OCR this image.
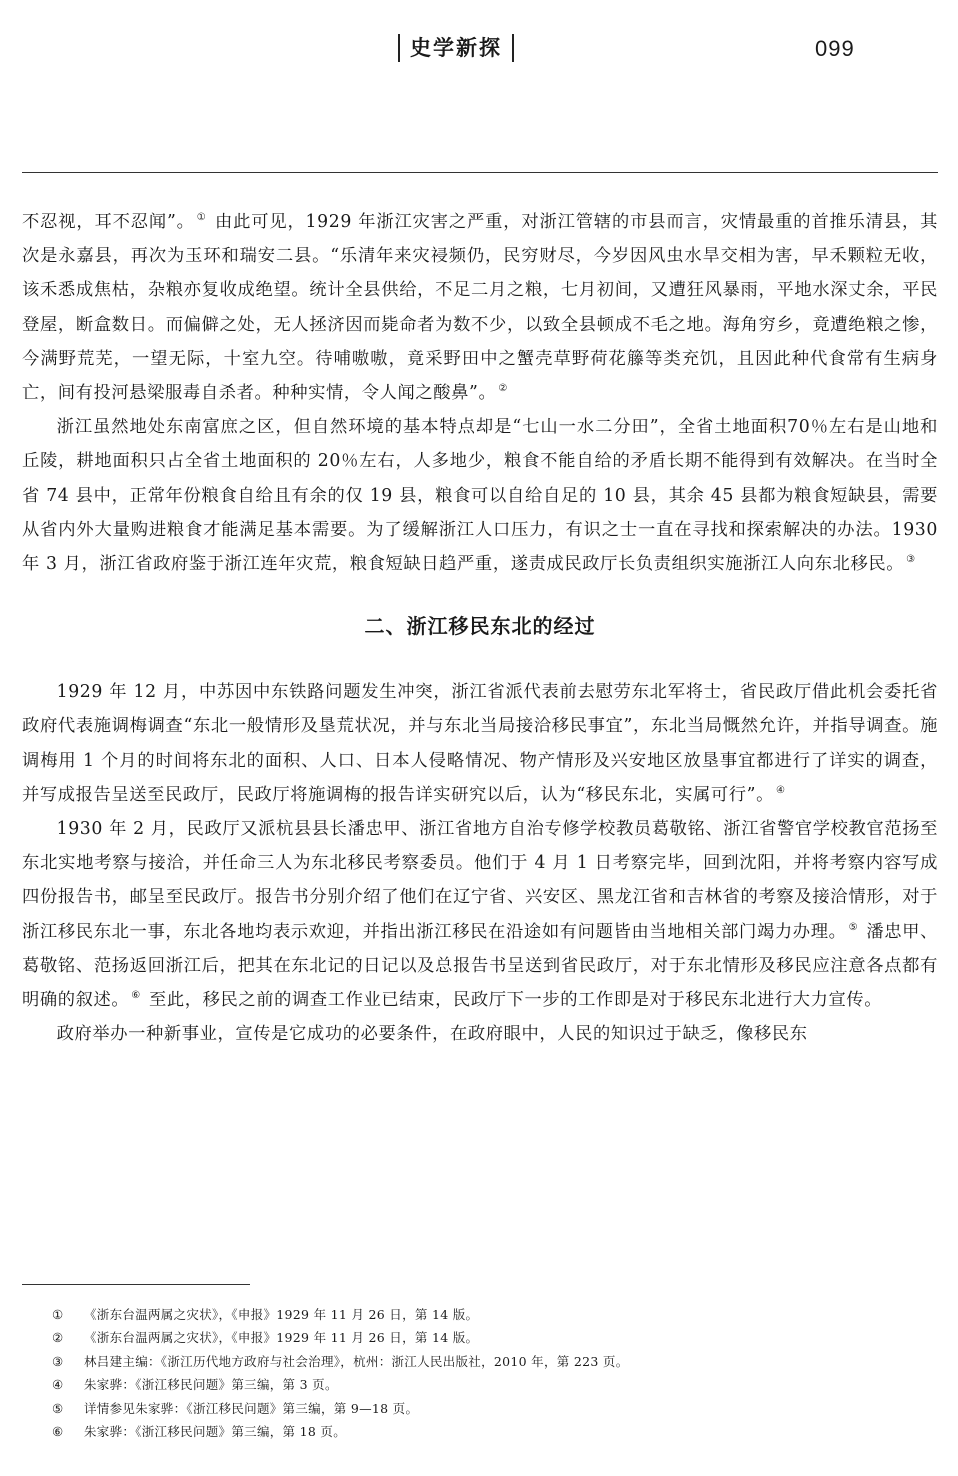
史学新探	099

不忍视，耳不忍闻”。 ① 由此可见，1929 年浙江灾害之严重，对浙江管辖的市县而言，灾情最重的首推乐清县，其次是永嘉县，再次为玉环和瑞安二县。“乐清年来灾祲频仍，民穷财尽，今岁因风虫水旱交相为害，早禾颗粒无收，该禾悉成焦枯，杂粮亦复收成绝望。统计全县供给，不足二月之粮，七月初间，又遭狂风暴雨，平地水深丈余，平民登屋，断盒数日。而偏僻之处，无人拯济因而毙命者为数不少，以致全县顿成不毛之地。海角穷乡，竟遭绝粮之惨，今满野荒芜，一望无际，十室九空。待哺嗷嗷，竟采野田中之蟹壳草野荷花籐等类充饥，且因此种代食常有生病身亡，间有投河悬梁服毒自杀者。种种实情，令人闻之酸鼻”。 ②

浙江虽然地处东南富庶之区，但自然环境的基本特点却是“七山一水二分田”，全省土地面积70％左右是山地和丘陵，耕地面积只占全省土地面积的 20％左右，人多地少，粮食不能自给的矛盾长期不能得到有效解决。在当时全省 74 县中，正常年份粮食自给且有余的仅 19 县，粮食可以自给自足的 10 县，其余 45 县都为粮食短缺县，需要从省内外大量购进粮食才能满足基本需要。为了缓解浙江人口压力，有识之士一直在寻找和探索解决的办法。1930 年 3 月，浙江省政府鉴于浙江连年灾荒，粮食短缺日趋严重，遂责成民政厅长负责组织实施浙江人向东北移民。 ③

二、浙江移民东北的经过

1929 年 12 月，中苏因中东铁路问题发生冲突，浙江省派代表前去慰劳东北军将士，省民政厅借此机会委托省政府代表施调梅调查“东北一般情形及垦荒状况，并与东北当局接洽移民事宜”，东北当局慨然允许，并指导调查。施调梅用 1 个月的时间将东北的面积、人口、日本人侵略情况、物产情形及兴安地区放垦事宜都进行了详实的调查，并写成报告呈送至民政厅，民政厅将施调梅的报告详实研究以后，认为“移民东北，实属可行”。 ④

1930 年 2 月，民政厅又派杭县县长潘忠甲、浙江省地方自治专修学校教员葛敬铭、浙江省警官学校教官范扬至东北实地考察与接洽，并任命三人为东北移民考察委员。他们于 4 月 1 日考察完毕，回到沈阳，并将考察内容写成四份报告书，邮呈至民政厅。报告书分别介绍了他们在辽宁省、兴安区、黑龙江省和吉林省的考察及接洽情形，对于浙江移民东北一事，东北各地均表示欢迎，并指出浙江移民在沿途如有问题皆由当地相关部门竭力办理。 ⑤ 潘忠甲、葛敬铭、范扬返回浙江后，把其在东北记的日记以及总报告书呈送到省民政厅，对于东北情形及移民应注意各点都有明确的叙述。 ⑥ 至此，移民之前的调查工作业已结束，民政厅下一步的工作即是对于移民东北进行大力宣传。

政府举办一种新事业，宣传是它成功的必要条件，在政府眼中，人民的知识过于缺乏，像移民东

① 《浙东台温两属之灾状》，《申报》1929 年 11 月 26 日，第 14 版。
② 《浙东台温两属之灾状》，《申报》1929 年 11 月 26 日，第 14 版。
③ 林吕建主编：《浙江历代地方政府与社会治理》，杭州：浙江人民出版社，2010 年，第 223 页。
④ 朱家骅：《浙江移民问题》第三编，第 3 页。
⑤ 详情参见朱家骅：《浙江移民问题》第三编，第 9—18 页。
⑥ 朱家骅：《浙江移民问题》第三编，第 18 页。
